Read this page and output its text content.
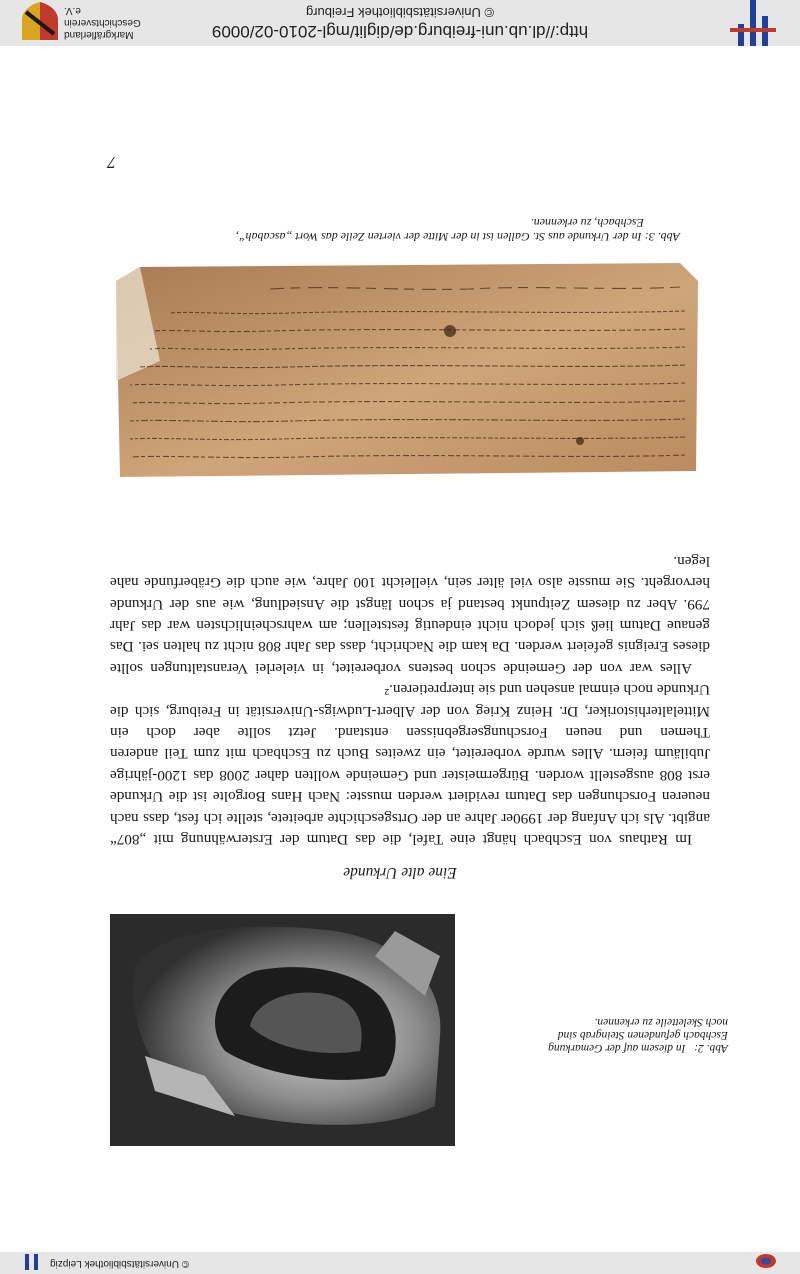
© Universitätsbibliothek Leipzig
Abb. 2:   In diesem auf der Gemarkung
Eschbach gefundenen Steingrab sind
noch Skeletteile zu erkennen.
Eine alte Urkunde

Im Rathaus von Eschbach hängt eine Tafel, die das Datum der Ersterwähnung mit „807“ angibt. Als ich Anfang der 1990er Jahre an der Ortsgeschichte arbeitete, stellte ich fest, dass nach neueren Forschungen das Datum revidiert werden musste: Nach Hans Borgolte ist die Urkunde erst 808 ausgestellt worden. Bürgermeister und Gemeinde wollten daher 2008 das 1200-jährige Jubiläum feiern. Alles wurde vorbereitet, ein zweites Buch zu Eschbach mit zum Teil anderen Themen und neuen Forschungsergebnissen entstand. Jetzt sollte aber doch ein Mittelalterhistoriker, Dr. Heinz Krieg von der Albert-Ludwigs-Universität in Freiburg, sich die Urkunde noch einmal ansehen und sie interpretieren.²

Alles war von der Gemeinde schon bestens vorbereitet, in vielerlei Veranstaltungen sollte dieses Ereignis gefeiert werden. Da kam die Nachricht, dass das Jahr 808 nicht zu halten sei. Das genaue Datum ließ sich jedoch nicht eindeutig feststellen; am wahrscheinlichsten war das Jahr 799. Aber zu diesem Zeitpunkt bestand ja schon längst die Ansiedlung, wie aus der Urkunde hervorgeht. Sie musste also viel älter sein, vielleicht 100 Jahre, wie auch die Gräberfunde nahe legen.

Abb. 3: In der Urkunde aus St. Gallen ist in der Mitte der vierten Zeile das Wort „ascabah“,
Eschbach, zu erkennen.
7
http://dl.ub.uni-freiburg.de/diglit/mgl-2010-02/0009
© Universitätsbibliothek Freiburg
Markgräflerland
Geschichtsverein e.V.
